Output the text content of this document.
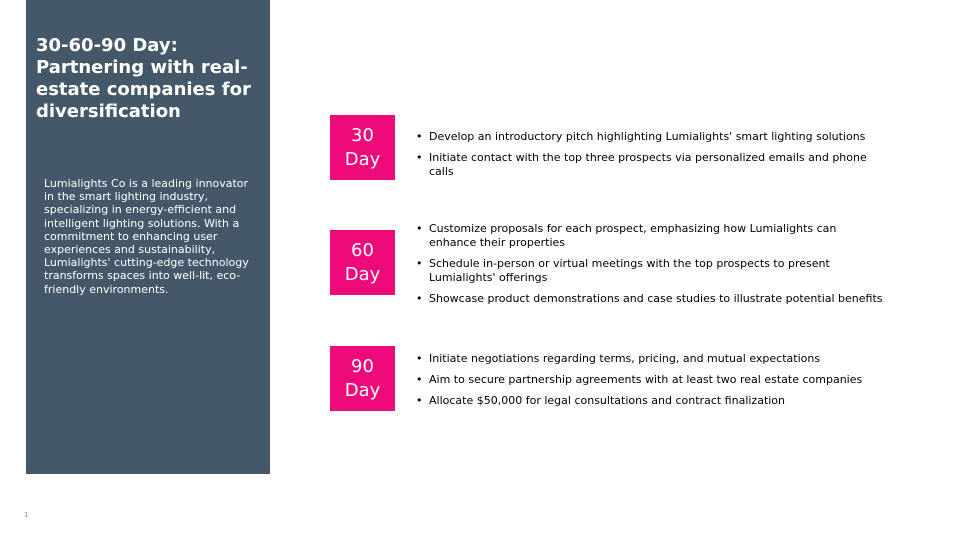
30-60-90 Day: Partnering with real-estate companies for diversification

Lumialights Co is a leading innovator in the smart lighting industry, specializing in energy-efficient and intelligent lighting solutions. With a commitment to enhancing user experiences and sustainability, Lumialights' cutting-edge technology transforms spaces into well-lit, eco-friendly environments.

30
Day
• Develop an introductory pitch highlighting Lumialights' smart lighting solutions
• Initiate contact with the top three prospects via personalized emails and phone calls
60
Day
• Customize proposals for each prospect, emphasizing how Lumialights can enhance their properties
• Schedule in-person or virtual meetings with the top prospects to present Lumialights' offerings
• Showcase product demonstrations and case studies to illustrate potential benefits
90
Day
• Initiate negotiations regarding terms, pricing, and mutual expectations
• Aim to secure partnership agreements with at least two real estate companies
• Allocate $50,000 for legal consultations and contract finalization
1
